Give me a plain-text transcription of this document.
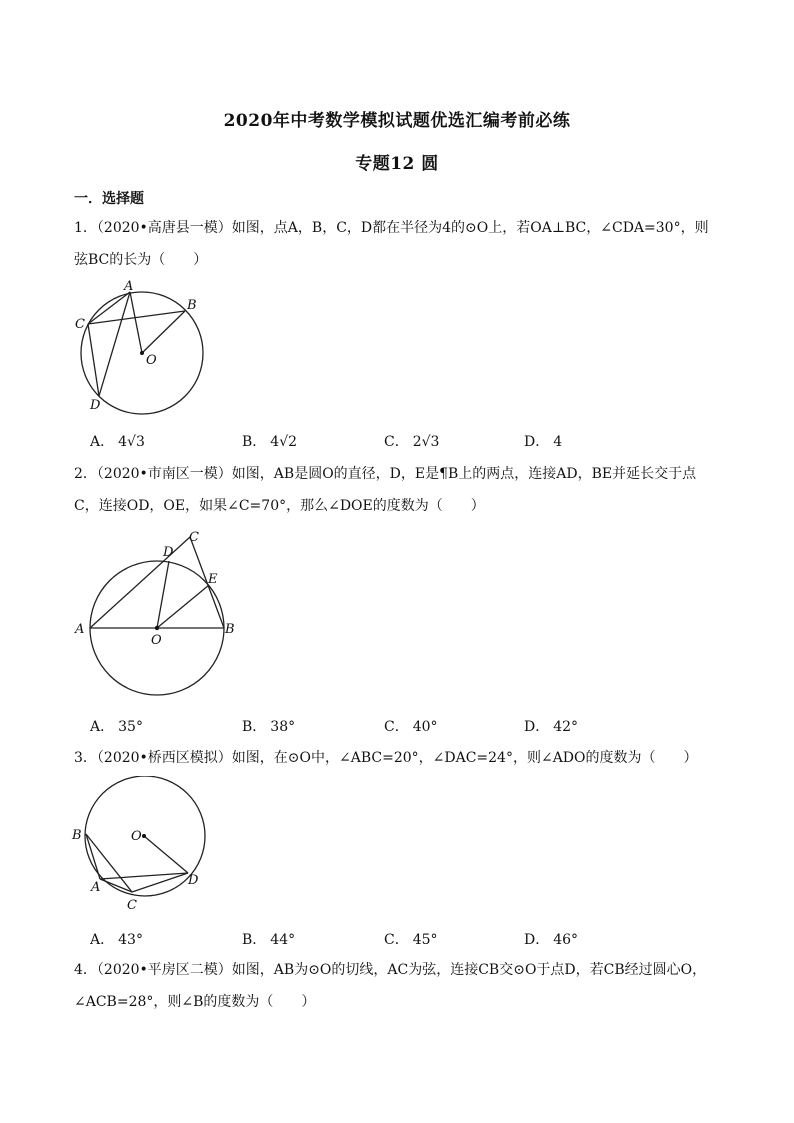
2020年中考数学模拟试题优选汇编考前必练
专题12 圆
一．选择题
1．（2020•高唐县一模）如图，点A，B，C，D都在半径为4的⊙O上，若OA⊥BC，∠CDA=30°，则
弦BC的长为（　　）
A
B
C
D
O
A． 4√3	B． 4√2	C． 2√3	D． 4
2．（2020•市南区一模）如图，AB是圆O的直径，D，E是¶B上的两点，连接AD，BE并延长交于点
C，连接OD，OE，如果∠C=70°，那么∠DOE的度数为（　　）
A	B
C
D
E
O
A． 35°	B． 38°	C． 40°	D． 42°
3．（2020•桥西区模拟）如图，在⊙O中，∠ABC=20°，∠DAC=24°，则∠ADO的度数为（　　）
A
B
C
D
O
A． 43°	B． 44°	C． 45°	D． 46°
4．（2020•平房区二模）如图，AB为⊙O的切线，AC为弦，连接CB交⊙O于点D，若CB经过圆心O，
∠ACB=28°，则∠B的度数为（　　）
